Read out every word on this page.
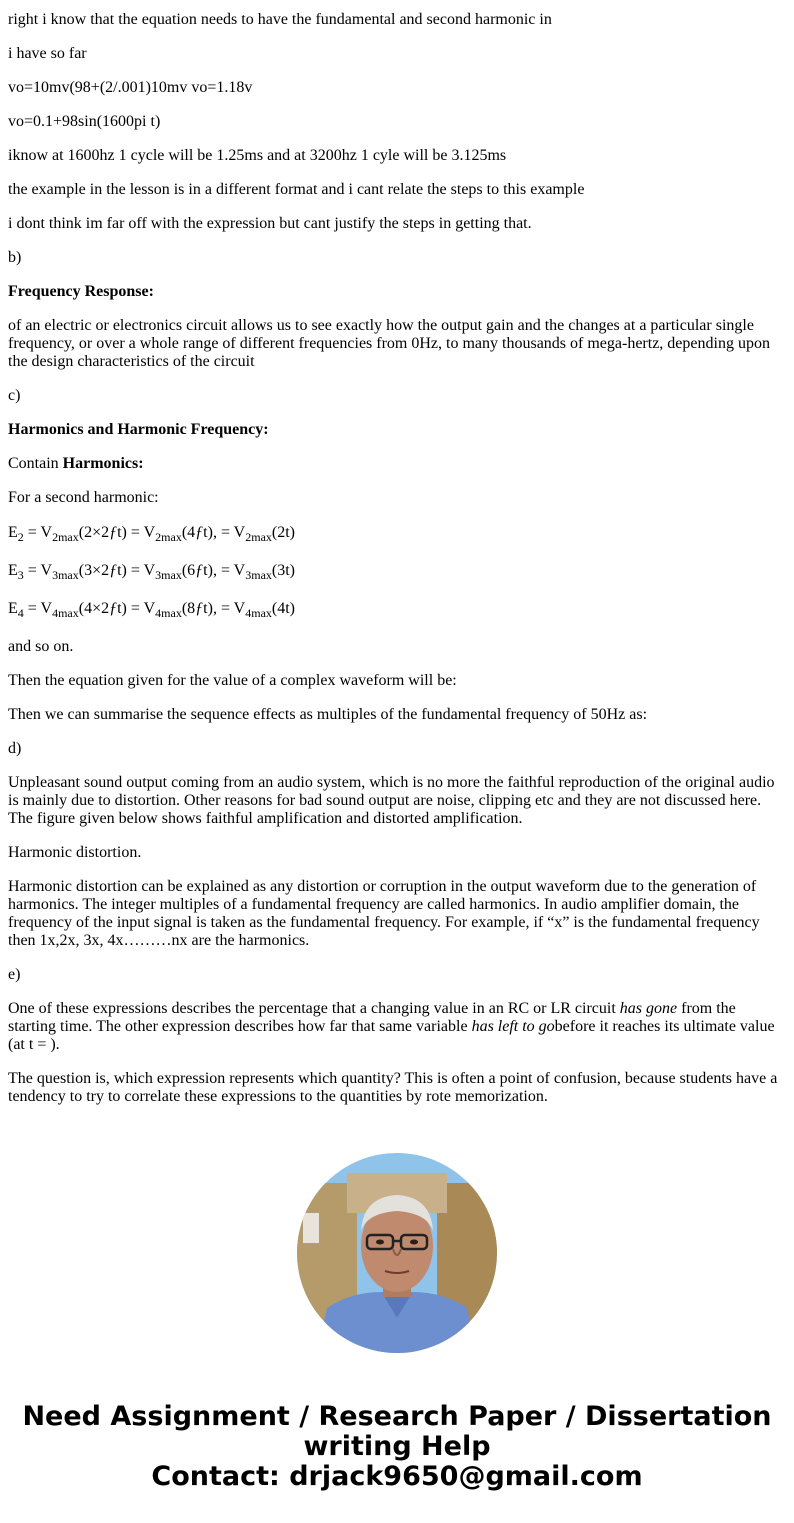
right i know that the equation needs to have the fundamental and second harmonic in

i have so far

vo=10mv(98+(2/.001)10mv vo=1.18v

vo=0.1+98sin(1600pi t)

iknow at 1600hz 1 cycle will be 1.25ms and at 3200hz 1 cyle will be 3.125ms

the example in the lesson is in a different format and i cant relate the steps to this example

i dont think im far off with the expression but cant justify the steps in getting that.

b)

Frequency Response:

of an electric or electronics circuit allows us to see exactly how the output gain and the changes at a particular single frequency, or over a whole range of different frequencies from 0Hz, to many thousands of mega-hertz, depending upon the design characteristics of the circuit

c)

Harmonics and Harmonic Frequency:

Contain Harmonics:

For a second harmonic:

$E_2$ = $V_{2max}(2\times 2ƒt)$ = $V_{2max}(4ƒt)$, = $V_{2max}(2t)$

$E_3$ = $V_{3max}(3\times 2ƒt)$ = $V_{3max}(6ƒt)$, = $V_{3max}(3t)$

$E_4$ = $V_{4max}(4\times 2ƒt)$ = $V_{4max}(8ƒt)$, = $V_{4max}(4t)$

and so on.

Then the equation given for the value of a complex waveform will be:

Then we can summarise the sequence effects as multiples of the fundamental frequency of 50Hz as:

d)

Unpleasant sound output coming from an audio system, which is no more the faithful reproduction of the original audio is mainly due to distortion. Other reasons for bad sound output are noise, clipping etc and they are not discussed here. The figure given below shows faithful amplification and distorted amplification.

Harmonic distortion.

Harmonic distortion can be explained as any distortion or corruption in the output waveform due to the generation of harmonics. The integer multiples of a fundamental frequency are called harmonics. In audio amplifier domain, the frequency of the input signal is taken as the fundamental frequency. For example, if “x” is the fundamental frequency then 1x,2x, 3x, 4x………nx are the harmonics.

e)

One of these expressions describes the percentage that a changing value in an RC or LR circuit has gone from the starting time. The other expression describes how far that same variable has left to gobefore it reaches its ultimate value (at t = ).

The question is, which expression represents which quantity? This is often a point of confusion, because students have a tendency to try to correlate these expressions to the quantities by rote memorization.

Need Assignment / Research Paper / Dissertation
writing Help
Contact: drjack9650@gmail.com
